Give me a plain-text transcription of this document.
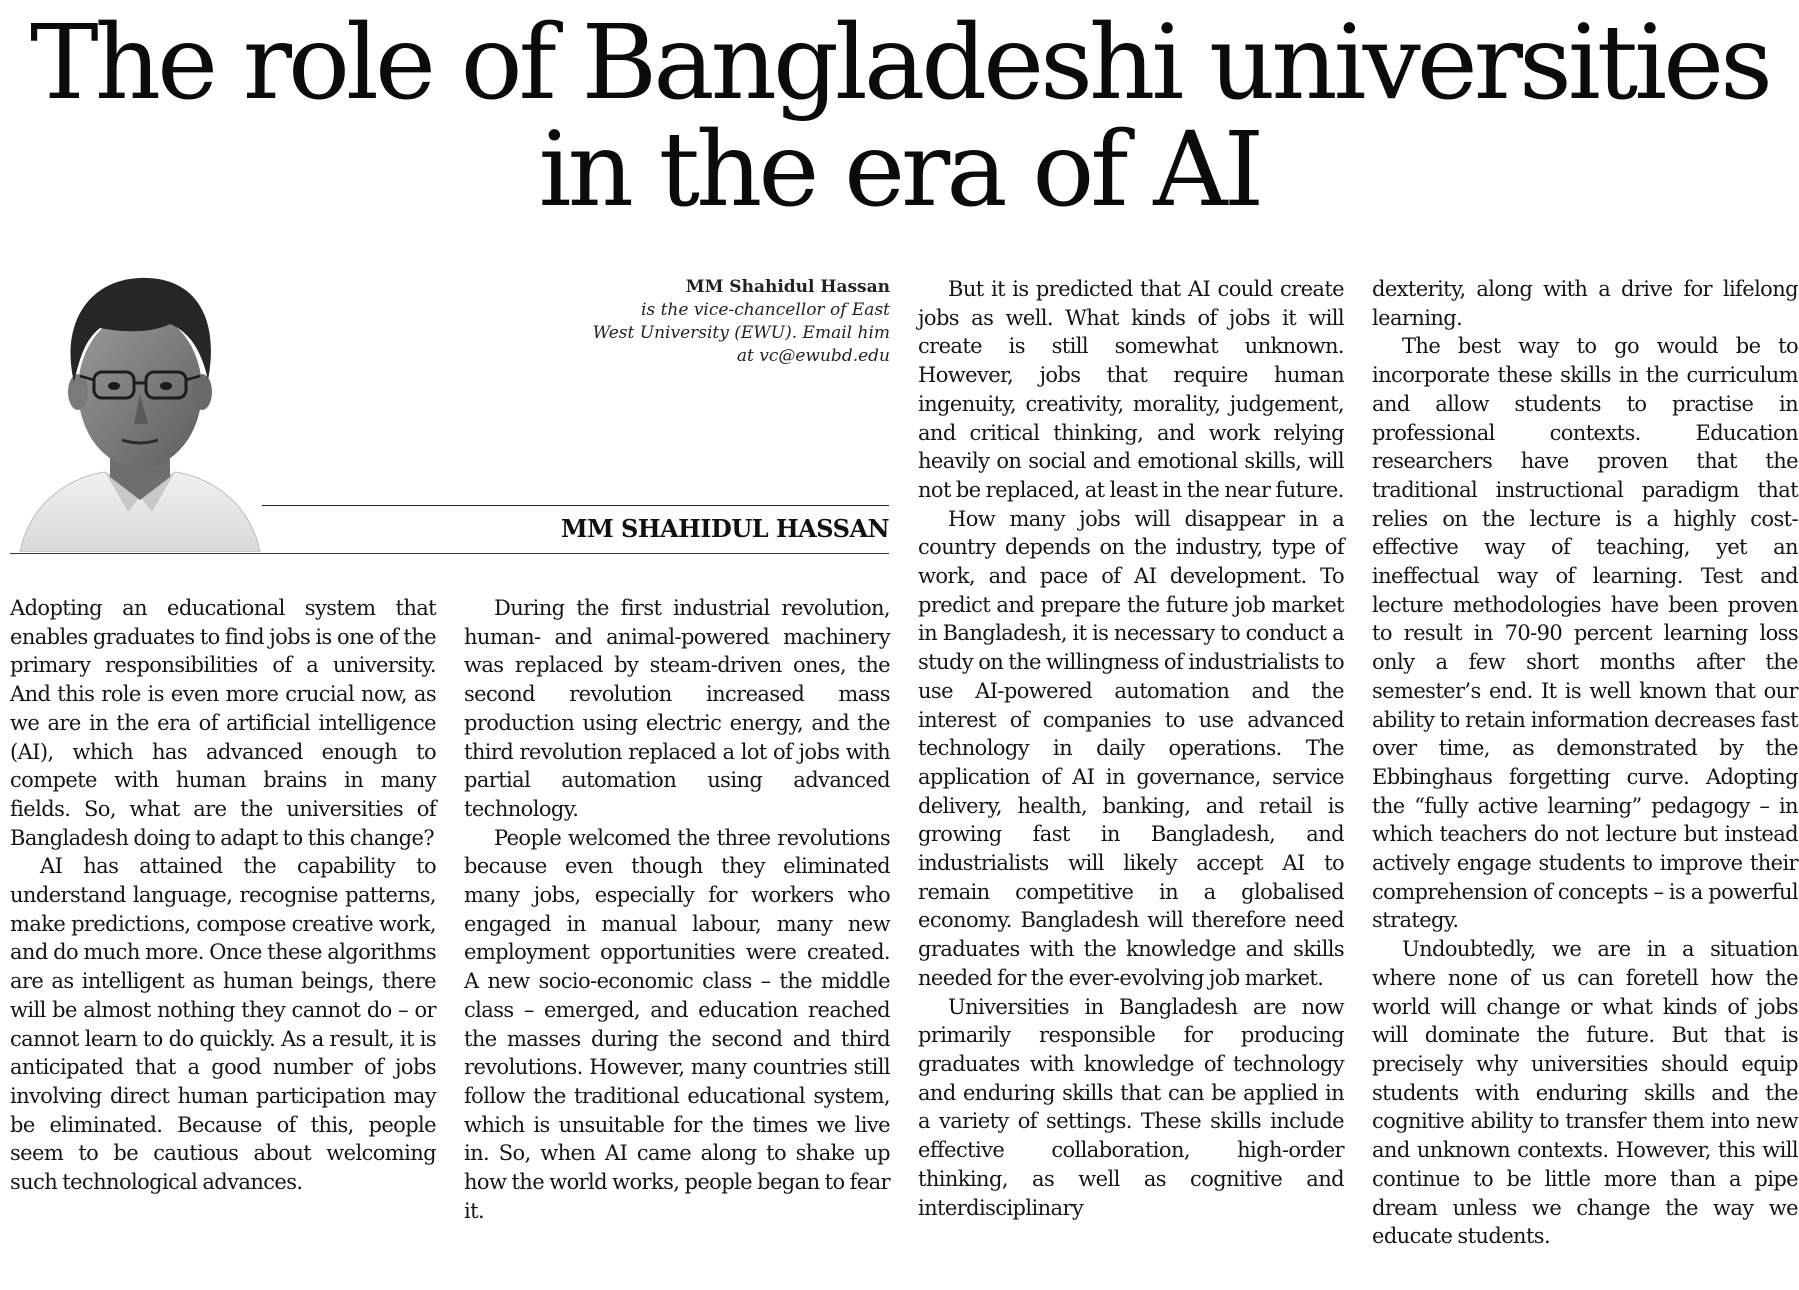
The role of Bangladeshi universities
in the era of AI
MM Shahidul Hassan
is the vice-chancellor of East
West University (EWU). Email him
at vc@ewubd.edu
MM SHAHIDUL HASSAN

Adopting an educational system that enables graduates to find jobs is one of the primary responsibilities of a university. And this role is even more crucial now, as we are in the era of artificial intelligence (AI), which has advanced enough to compete with human brains in many fields. So, what are the universities of Bangladesh doing to adapt to this change?

AI has attained the capability to understand language, recognise patterns, make predictions, compose creative work, and do much more. Once these algorithms are as intelligent as human beings, there will be almost nothing they cannot do – or cannot learn to do quickly. As a result, it is anticipated that a good number of jobs involving direct human participation may be eliminated. Because of this, people seem to be cautious about welcoming such technological advances.

During the first industrial revolution, human- and animal-powered machinery was replaced by steam-driven ones, the second revolution increased mass production using electric energy, and the third revolution replaced a lot of jobs with partial automation using advanced technology.

People welcomed the three revolutions because even though they eliminated many jobs, especially for workers who engaged in manual labour, many new employment opportunities were created. A new socio-economic class – the middle class – emerged, and education reached the masses during the second and third revolutions. However, many countries still follow the traditional educational system, which is unsuitable for the times we live in. So, when AI came along to shake up how the world works, people began to fear it.

But it is predicted that AI could create jobs as well. What kinds of jobs it will create is still somewhat unknown. However, jobs that require human ingenuity, creativity, morality, judgement, and critical thinking, and work relying heavily on social and emotional skills, will not be replaced, at least in the near future.

How many jobs will disappear in a country depends on the industry, type of work, and pace of AI development. To predict and prepare the future job market in Bangladesh, it is necessary to conduct a study on the willingness of industrialists to use AI-powered automation and the interest of companies to use advanced technology in daily operations. The application of AI in governance, service delivery, health, banking, and retail is growing fast in Bangladesh, and industrialists will likely accept AI to remain competitive in a globalised economy. Bangladesh will therefore need graduates with the knowledge and skills needed for the ever-evolving job market.

Universities in Bangladesh are now primarily responsible for producing graduates with knowledge of technology and enduring skills that can be applied in a variety of settings. These skills include effective collaboration, high-order thinking, as well as cognitive and interdisciplinary

dexterity, along with a drive for lifelong learning.

The best way to go would be to incorporate these skills in the curriculum and allow students to practise in professional contexts. Education researchers have proven that the traditional instructional paradigm that relies on the lecture is a highly cost-effective way of teaching, yet an ineffectual way of learning. Test and lecture methodologies have been proven to result in 70-90 percent learning loss only a few short months after the semester’s end. It is well known that our ability to retain information decreases fast over time, as demonstrated by the Ebbinghaus forgetting curve. Adopting the “fully active learning” pedagogy – in which teachers do not lecture but instead actively engage students to improve their comprehension of concepts – is a powerful strategy.

Undoubtedly, we are in a situation where none of us can foretell how the world will change or what kinds of jobs will dominate the future. But that is precisely why universities should equip students with enduring skills and the cognitive ability to transfer them into new and unknown contexts. However, this will continue to be little more than a pipe dream unless we change the way we educate students.
